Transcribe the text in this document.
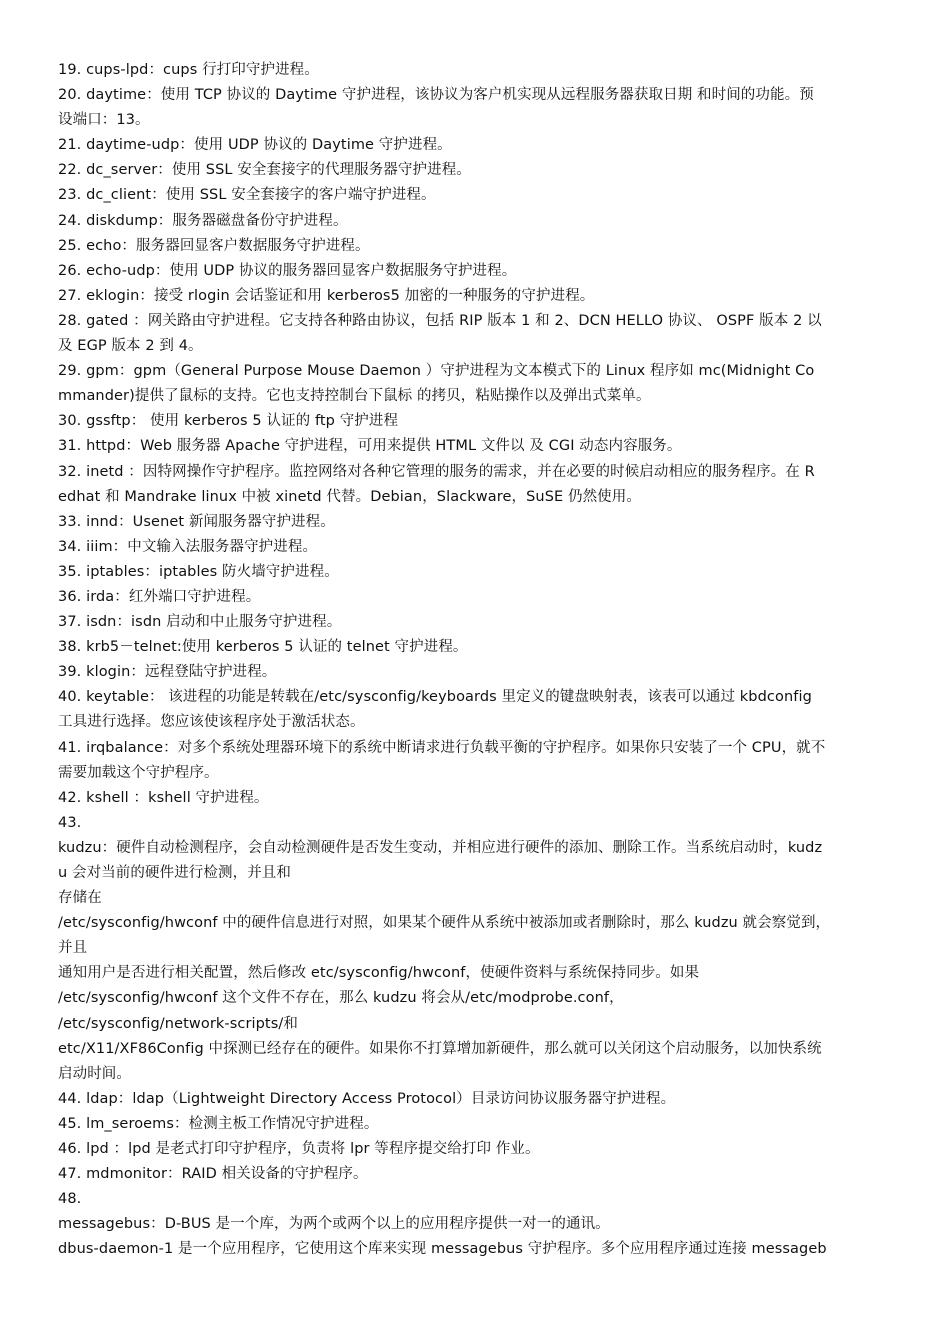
19. cups-lpd：cups 行打印守护进程。
20. daytime：使用 TCP 协议的 Daytime 守护进程，该协议为客户机实现从远程服务器获取日期 和时间的功能。预
设端口：13。
21. daytime-udp：使用 UDP 协议的 Daytime 守护进程。
22. dc_server：使用 SSL 安全套接字的代理服务器守护进程。
23. dc_client：使用 SSL 安全套接字的客户端守护进程。
24. diskdump：服务器磁盘备份守护进程。
25. echo：服务器回显客户数据服务守护进程。
26. echo-udp：使用 UDP 协议的服务器回显客户数据服务守护进程。
27. eklogin：接受 rlogin 会话鉴证和用 kerberos5 加密的一种服务的守护进程。
28. gated ：网关路由守护进程。它支持各种路由协议，包括 RIP 版本 1 和 2、DCN HELLO 协议、 OSPF 版本 2 以
及 EGP 版本 2 到 4。
29. gpm：gpm（General Purpose Mouse Daemon ）守护进程为文本模式下的 Linux 程序如 mc(Midnight Co
mmander)提供了鼠标的支持。它也支持控制台下鼠标 的拷贝，粘贴操作以及弹出式菜单。
30. gssftp： 使用 kerberos 5 认证的 ftp 守护进程
31. httpd：Web 服务器 Apache 守护进程，可用来提供 HTML 文件以 及 CGI 动态内容服务。
32. inetd ：因特网操作守护程序。监控网络对各种它管理的服务的需求，并在必要的时候启动相应的服务程序。在 R
edhat 和 Mandrake linux 中被 xinetd 代替。Debian，Slackware，SuSE 仍然使用。
33. innd：Usenet 新闻服务器守护进程。
34. iiim：中文输入法服务器守护进程。
35. iptables：iptables 防火墙守护进程。
36. irda：红外端口守护进程。
37. isdn：isdn 启动和中止服务守护进程。
38. krb5－telnet:使用 kerberos 5 认证的 telnet 守护进程。
39. klogin：远程登陆守护进程。
40. keytable： 该进程的功能是转载在/etc/sysconfig/keyboards 里定义的键盘映射表，该表可以通过 kbdconfig
工具进行选择。您应该使该程序处于激活状态。
41. irqbalance：对多个系统处理器环境下的系统中断请求进行负载平衡的守护程序。如果你只安装了一个 CPU，就不
需要加载这个守护程序。
42. kshell ：kshell 守护进程。
43.
kudzu：硬件自动检测程序，会自动检测硬件是否发生变动，并相应进行硬件的添加、删除工作。当系统启动时，kudz
u 会对当前的硬件进行检测，并且和
存储在
/etc/sysconfig/hwconf 中的硬件信息进行对照，如果某个硬件从系统中被添加或者删除时，那么 kudzu 就会察觉到，
并且
通知用户是否进行相关配置，然后修改 etc/sysconfig/hwconf，使硬件资料与系统保持同步。如果
/etc/sysconfig/hwconf 这个文件不存在，那么 kudzu 将会从/etc/modprobe.conf，
/etc/sysconfig/network-scripts/和
etc/X11/XF86Config 中探测已经存在的硬件。如果你不打算增加新硬件，那么就可以关闭这个启动服务，以加快系统
启动时间。
44. ldap：ldap（Lightweight Directory Access Protocol）目录访问协议服务器守护进程。
45. lm_seroems：检测主板工作情况守护进程。
46. lpd ：lpd 是老式打印守护程序，负责将 lpr 等程序提交给打印 作业。
47. mdmonitor：RAID 相关设备的守护程序。
48.
messagebus：D-BUS 是一个库，为两个或两个以上的应用程序提供一对一的通讯。
dbus-daemon-1 是一个应用程序，它使用这个库来实现 messagebus 守护程序。多个应用程序通过连接 messageb
